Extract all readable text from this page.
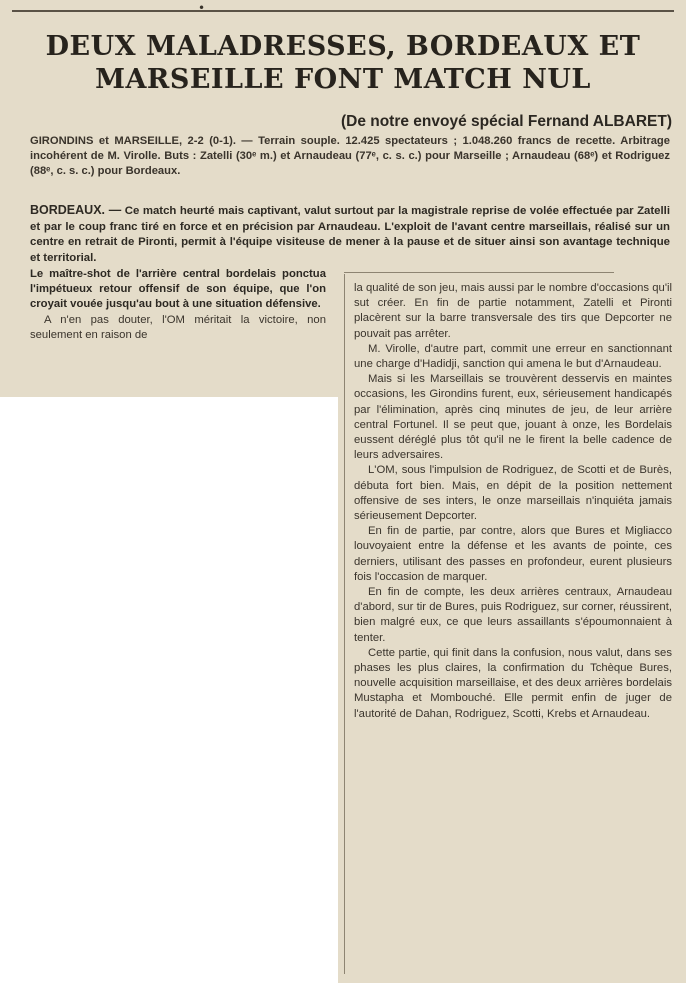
•
DEUX MALADRESSES, BORDEAUX ET
MARSEILLE FONT MATCH NUL

(De notre envoyé spécial Fernand ALBARET)

GIRONDINS et MARSEILLE, 2-2 (0-1). — Terrain souple. 12.425 spectateurs ; 1.048.260 francs de recette. Arbitrage incohérent de M. Virolle. Buts : Zatelli (30ᵉ m.) et Arnaudeau (77ᵉ, c. s. c.) pour Marseille ; Arnaudeau (68ᵉ) et Rodriguez (88ᵉ, c. s. c.) pour Bordeaux.

BORDEAUX. — Ce match heurté mais captivant, valut surtout par la magistrale reprise de volée effectuée par Zatelli et par le coup franc tiré en force et en précision par Arnaudeau. L'exploit de l'avant centre marseillais, réalisé sur un centre en retrait de Pironti, permit à l'équipe visiteuse de mener à la pause et de situer ainsi son avantage technique et territorial.

Le maître-shot de l'arrière central bordelais ponctua l'impétueux retour offensif de son équipe, que l'on croyait vouée jusqu'au bout à une situation défensive.

A n'en pas douter, l'OM méritait la victoire, non seulement en raison de

la qualité de son jeu, mais aussi par le nombre d'occasions qu'il sut créer. En fin de partie notamment, Zatelli et Pironti placèrent sur la barre transversale des tirs que Depcorter ne pouvait pas arrêter.

M. Virolle, d'autre part, commit une erreur en sanctionnant une charge d'Hadidji, sanction qui amena le but d'Arnaudeau.

Mais si les Marseillais se trouvèrent desservis en maintes occasions, les Girondins furent, eux, sérieusement handicapés par l'élimination, après cinq minutes de jeu, de leur arrière central Fortunel. Il se peut que, jouant à onze, les Bordelais eussent déréglé plus tôt qu'il ne le firent la belle cadence de leurs adversaires.

L'OM, sous l'impulsion de Rodriguez, de Scotti et de Burès, débuta fort bien. Mais, en dépit de la position nettement offensive de ses inters, le onze marseillais n'inquiéta jamais sérieusement Depcorter.

En fin de partie, par contre, alors que Bures et Migliacco louvoyaient entre la défense et les avants de pointe, ces derniers, utilisant des passes en profondeur, eurent plusieurs fois l'occasion de marquer.

En fin de compte, les deux arrières centraux, Arnaudeau d'abord, sur tir de Bures, puis Rodriguez, sur corner, réussirent, bien malgré eux, ce que leurs assaillants s'époumonnaient à tenter.

Cette partie, qui finit dans la confusion, nous valut, dans ses phases les plus claires, la confirmation du Tchèque Bures, nouvelle acquisition marseillaise, et des deux arrières bordelais Mustapha et Mombouché. Elle permit enfin de juger de l'autorité de Dahan, Rodriguez, Scotti, Krebs et Arnaudeau.
